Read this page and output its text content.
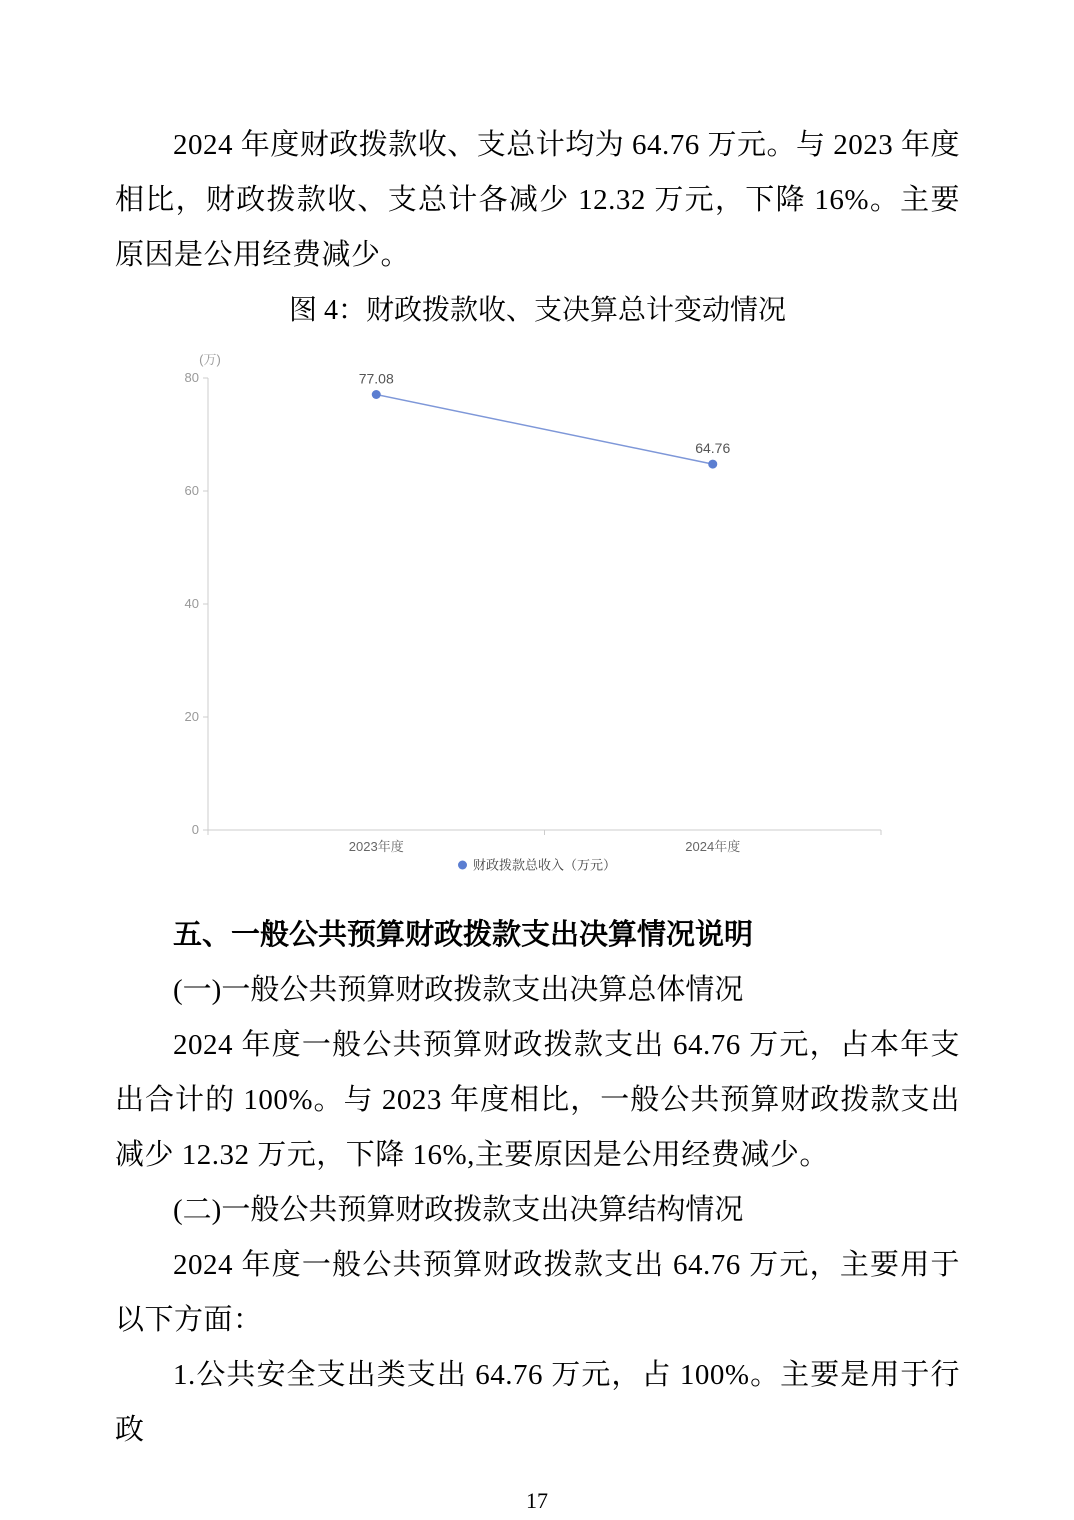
2024 年度财政拨款收、支总计均为 64.76 万元。与 2023 年度相比，财政拨款收、支总计各减少 12.32 万元，下降 16%。主要原因是公用经费减少。

图 4：财政拨款收、支决算总计变动情况
(万)
0
20
40
60
80
2023年度	2024年度
77.08
64.76
财政拨款总收入（万元）
五、一般公共预算财政拨款支出决算情况说明
(一)一般公共预算财政拨款支出决算总体情况

2024 年度一般公共预算财政拨款支出 64.76 万元，占本年支出合计的 100%。与 2023 年度相比，一般公共预算财政拨款支出减少 12.32 万元，下降 16%,主要原因是公用经费减少。

(二)一般公共预算财政拨款支出决算结构情况

2024 年度一般公共预算财政拨款支出 64.76 万元，主要用于以下方面：

1.公共安全支出类支出 64.76 万元，占 100%。主要是用于行政

17
